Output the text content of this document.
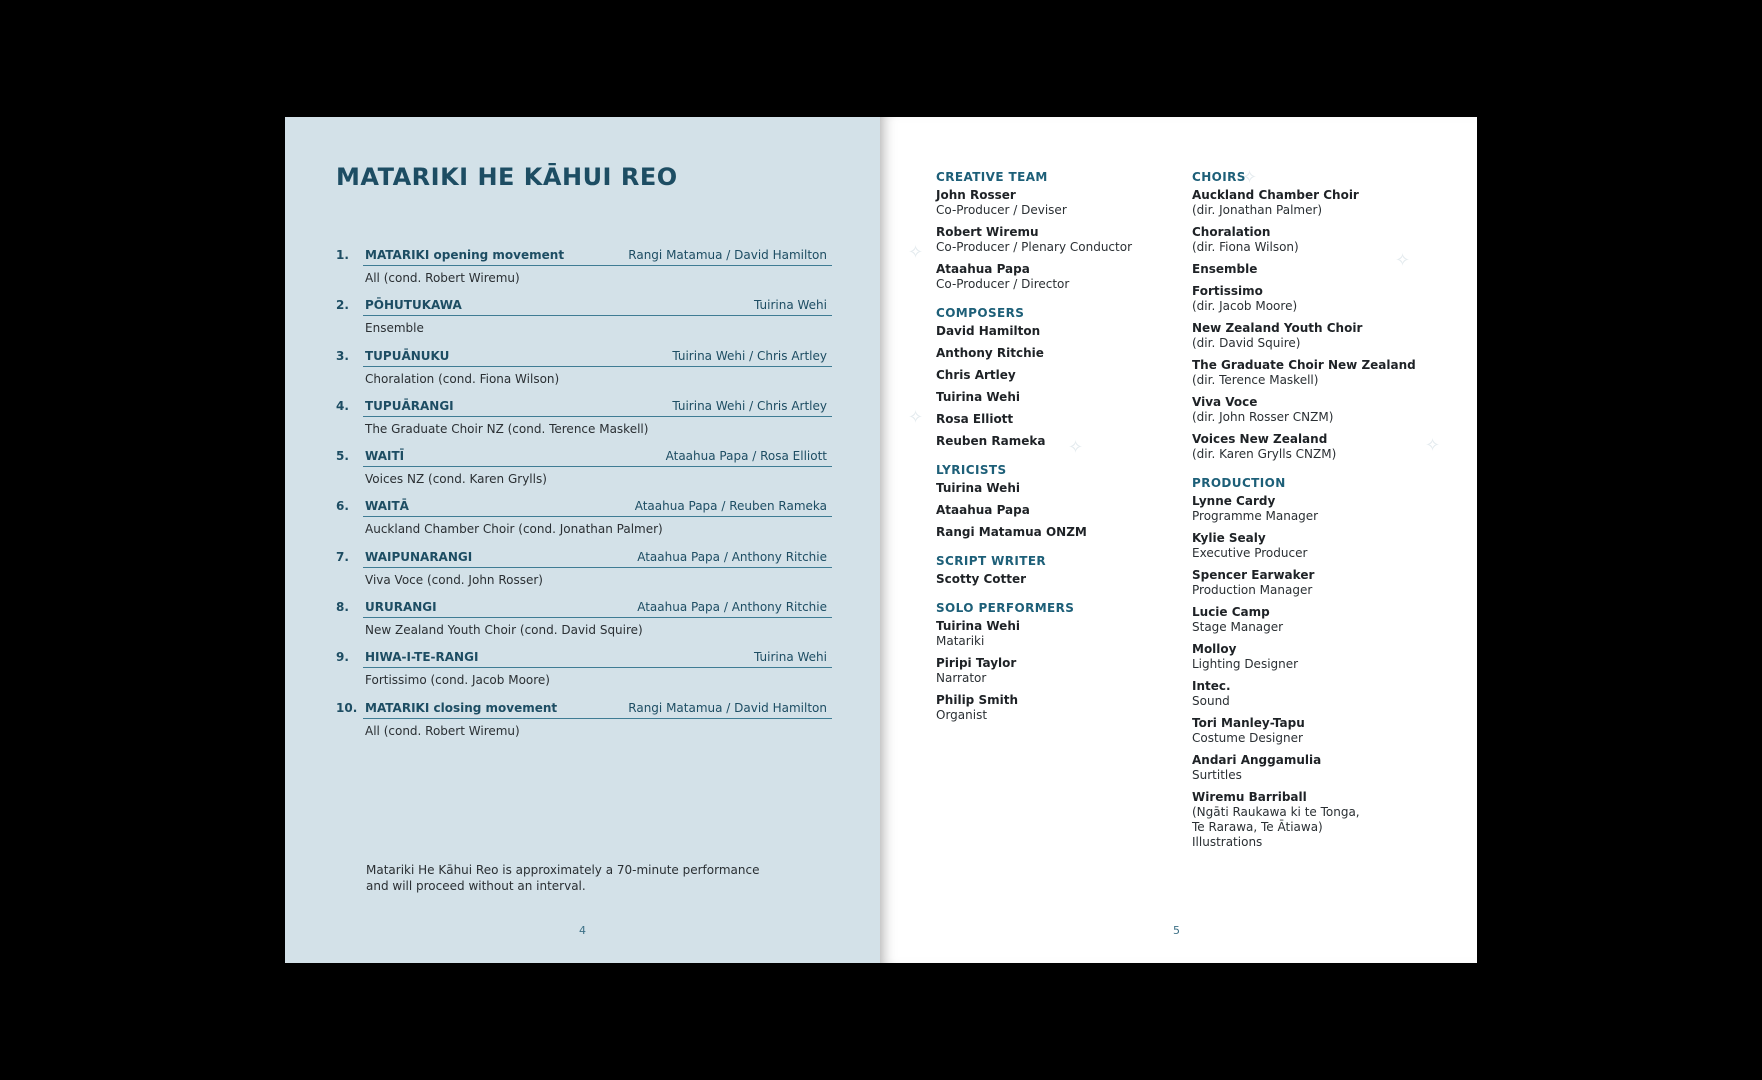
MATARIKI HE KĀHUI REO
1. MATARIKI opening movement	Rangi Matamua / David Hamilton
All (cond. Robert Wiremu)
2. PŌHUTUKAWA	Tuirina Wehi
Ensemble
3. TUPUĀNUKU	Tuirina Wehi / Chris Artley
Choralation (cond. Fiona Wilson)
4. TUPUĀRANGI	Tuirina Wehi / Chris Artley
The Graduate Choir NZ (cond. Terence Maskell)
5. WAITĪ	Ataahua Papa / Rosa Elliott
Voices NZ (cond. Karen Grylls)
6. WAITĀ	Ataahua Papa / Reuben Rameka
Auckland Chamber Choir (cond. Jonathan Palmer)
7. WAIPUNARANGI	Ataahua Papa / Anthony Ritchie
Viva Voce (cond. John Rosser)
8. URURANGI	Ataahua Papa / Anthony Ritchie
New Zealand Youth Choir (cond. David Squire)
9. HIWA-I-TE-RANGI	Tuirina Wehi
Fortissimo (cond. Jacob Moore)
10. MATARIKI closing movement	Rangi Matamua / David Hamilton
All (cond. Robert Wiremu)

Matariki He Kāhui Reo is approximately a 70-minute performance
and will proceed without an interval.

4
✧
✧
✧
✧
✧
✧
CREATIVE TEAM
John Rosser
Co-Producer / Deviser
Robert Wiremu
Co-Producer / Plenary Conductor
Ataahua Papa
Co-Producer / Director
COMPOSERS
David Hamilton
Anthony Ritchie
Chris Artley
Tuirina Wehi
Rosa Elliott
Reuben Rameka
LYRICISTS
Tuirina Wehi
Ataahua Papa
Rangi Matamua ONZM
SCRIPT WRITER
Scotty Cotter
SOLO PERFORMERS
Tuirina Wehi
Matariki
Piripi Taylor
Narrator
Philip Smith
Organist
CHOIRS
Auckland Chamber Choir
(dir. Jonathan Palmer)
Choralation
(dir. Fiona Wilson)
Ensemble
Fortissimo
(dir. Jacob Moore)
New Zealand Youth Choir
(dir. David Squire)
The Graduate Choir New Zealand
(dir. Terence Maskell)
Viva Voce
(dir. John Rosser CNZM)
Voices New Zealand
(dir. Karen Grylls CNZM)
PRODUCTION
Lynne Cardy
Programme Manager
Kylie Sealy
Executive Producer
Spencer Earwaker
Production Manager
Lucie Camp
Stage Manager
Molloy
Lighting Designer
Intec.
Sound
Tori Manley-Tapu
Costume Designer
Andari Anggamulia
Surtitles
Wiremu Barriball
(Ngāti Raukawa ki te Tonga,
Te Rarawa, Te Ātiawa)
Illustrations
5
